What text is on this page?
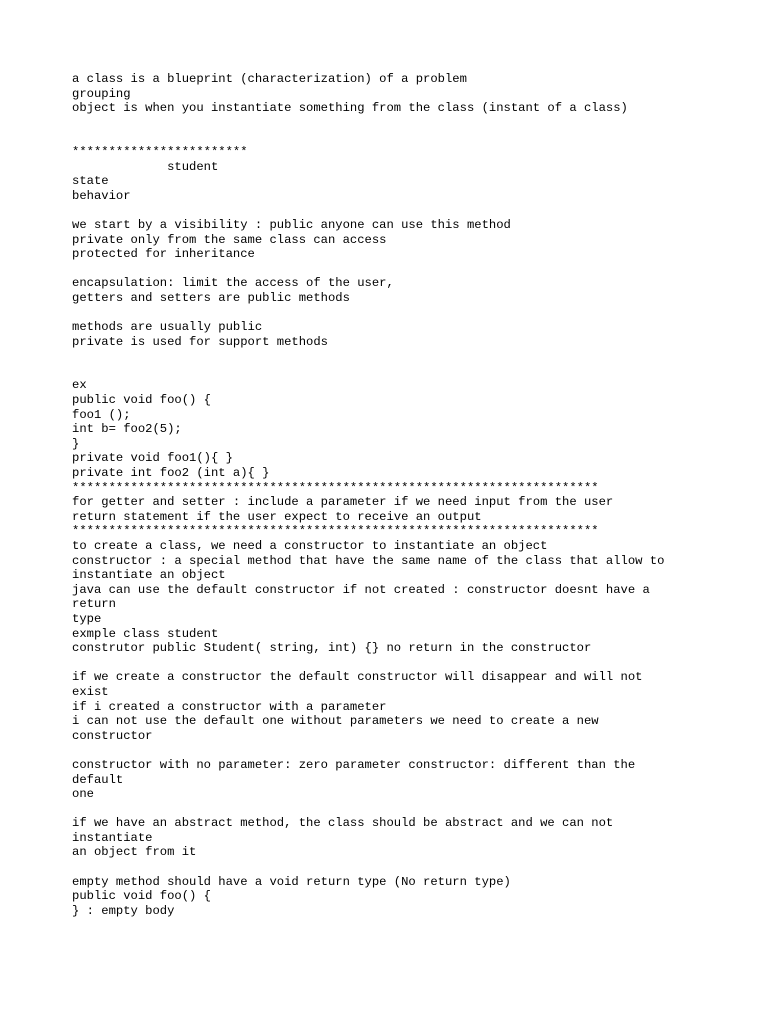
a class is a blueprint (characterization) of a problem
grouping
object is when you instantiate something from the class (instant of a class)
************************
student
state
behavior
we start by a visibility : public anyone can use this method
private only from the same class can access
protected for inheritance
encapsulation: limit the access of the user,
getters and setters are public methods
methods are usually public
private is used for support methods
ex
public void foo() {
foo1 ();
int b= foo2(5);
}
private void foo1(){ }
private int foo2 (int a){ }
************************************************************************
for getter and setter : include a parameter if we need input from the user
return statement if the user expect to receive an output
************************************************************************
to create a class, we need a constructor to instantiate an object
constructor : a special method that have the same name of the class that allow to
instantiate an object
java can use the default constructor if not created : constructor doesnt have a
return
type
exmple class student
construtor public Student( string, int) {} no return in the constructor
if we create a constructor the default constructor will disappear and will not
exist
if i created a constructor with a parameter
i can not use the default one without parameters we need to create a new
constructor
constructor with no parameter: zero parameter constructor: different than the
default
one
if we have an abstract method, the class should be abstract and we can not
instantiate
an object from it
empty method should have a void return type (No return type)
public void foo() {
} : empty body
